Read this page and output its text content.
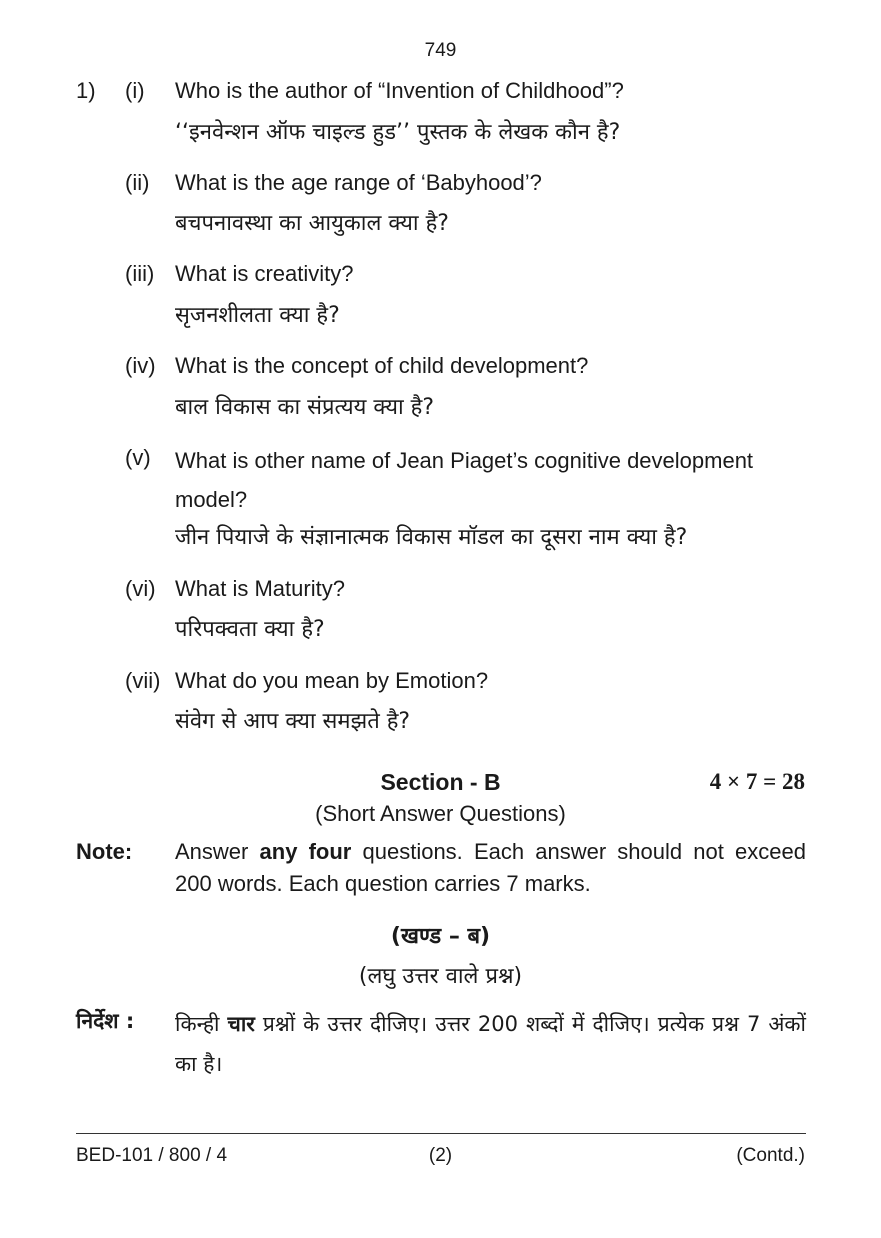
749
1) (i) Who is the author of “Invention of Childhood”?
‘‘इनवेन्शन ऑफ चाइल्ड हुड’’ पुस्तक के लेखक कौन है?
(ii) What is the age range of ‘Babyhood’?
बचपनावस्था का आयुकाल क्या है?
(iii) What is creativity?
सृजनशीलता क्या है?
(iv) What is the concept of child development?
बाल विकास का संप्रत्यय क्या है?
(v) What is other name of Jean Piaget’s cognitive development model?
जीन पियाजे के संज्ञानात्मक विकास मॉडल का दूसरा नाम क्या है?
(vi) What is Maturity?
परिपक्वता क्या है?
(vii) What do you mean by Emotion?
संवेग से आप क्या समझते है?
Section - B	4 × 7 = 28
(Short Answer Questions)
Note: Answer any four questions. Each answer should not exceed 200 words. Each question carries 7 marks.
(खण्ड – ब)
(लघु उत्तर वाले प्रश्न)
निर्देश : किन्ही चार प्रश्नों के उत्तर दीजिए। उत्तर 200 शब्दों में दीजिए। प्रत्येक प्रश्न 7 अंकों का है।
BED-101 / 800 / 4	(2)	(Contd.)
